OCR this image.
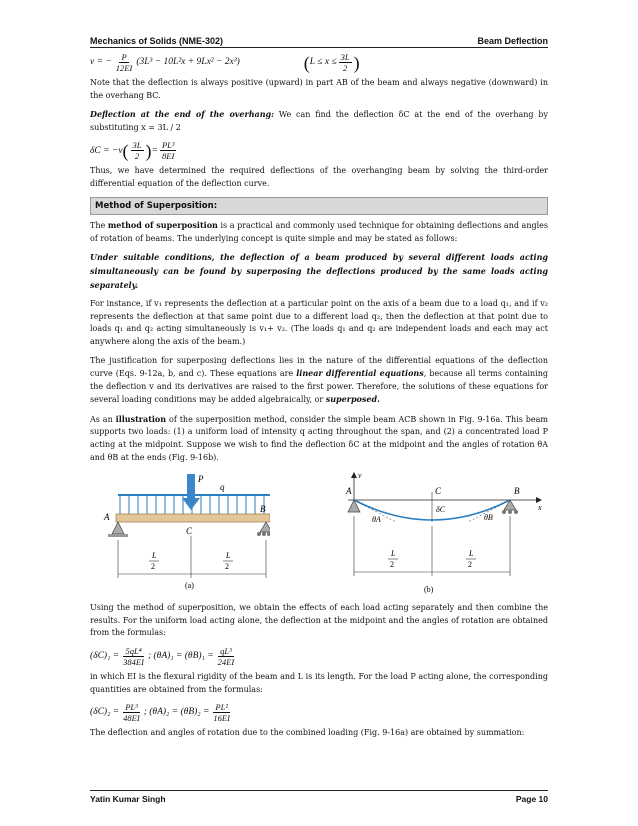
Mechanics of Solids (NME-302)	Beam Deflection
v = − $\frac{P}{12EI} (3L^3 - 10L^2x + 9Lx^2 - 2x^3)$	( $L \le x \le \frac{3L}{2}$ )

Note that the deflection is always positive (upward) in part AB of the beam and always negative (downward) in the overhang BC.

Deflection at the end of the overhang: We can find the deflection δC at the end of the overhang by substituting x = 3L / 2

δC = −v ( $\frac{3L}{2}$ ) = $\frac{\text{PL³}}{8EI}$

Thus, we have determined the required deflections of the overhanging beam by solving the third-order differential equation of the deflection curve.

Method of Superposition:

The method of superposition is a practical and commonly used technique for obtaining deflections and angles of rotation of beams. The underlying concept is quite simple and may be stated as follows:

Under suitable conditions, the deflection of a beam produced by several different loads acting simultaneously can be found by superposing the deflections produced by the same loads acting separately.

For instance, if v₁ represents the deflection at a particular point on the axis of a beam due to a load q₁, and if v₂ represents the deflection at that same point due to a different load q₂, then the deflection at that point due to loads q₁ and q₂ acting simultaneously is v₁+ v₂. (The loads q₁ and q₂ are independent loads and each may act anywhere along the axis of the beam.)

The justification for superposing deflections lies in the nature of the differential equations of the deflection curve (Eqs. 9-12a, b, and c). These equations are linear differential equations, because all terms containing the deflection v and its derivatives are raised to the first power. Therefore, the solutions of these equations for several loading conditions may be added algebraically, or superposed.

As an illustration of the superposition method, consider the simple beam ACB shown in Fig. 9-16a. This beam supports two loads: (1) a uniform load of intensity q acting throughout the span, and (2) a concentrated load P acting at the midpoint. Suppose we wish to find the deflection δC at the midpoint and the angles of rotation θA and θB at the ends (Fig. 9-16b).

P
q
A
B
C
L
2
L
2
(a)
x
v
A	B
C
δC
θA	θB
L
2
L
2
(b)

Using the method of superposition, we obtain the effects of each load acting separately and then combine the results. For the uniform load acting alone, the deflection at the midpoint and the angles of rotation are obtained from the formulas:

$(\delta C)_1 = \frac{\text{5qL⁴}}{384EI}$ ; $(\theta A)_1 = (\theta B)_1 = \frac{\text{qL³}}{24EI}$

in which EI is the flexural rigidity of the beam and L is its length. For the load P acting alone, the corresponding quantities are obtained from the formulas:

$(\delta C)_2 = \frac{\text{PL³}}{48EI}$ ; $(\theta A)_2 = (\theta B)_2 = \frac{\text{PL²}}{16EI}$

The deflection and angles of rotation due to the combined loading (Fig. 9-16a) are obtained by summation:

Yatin Kumar Singh	Page 10
